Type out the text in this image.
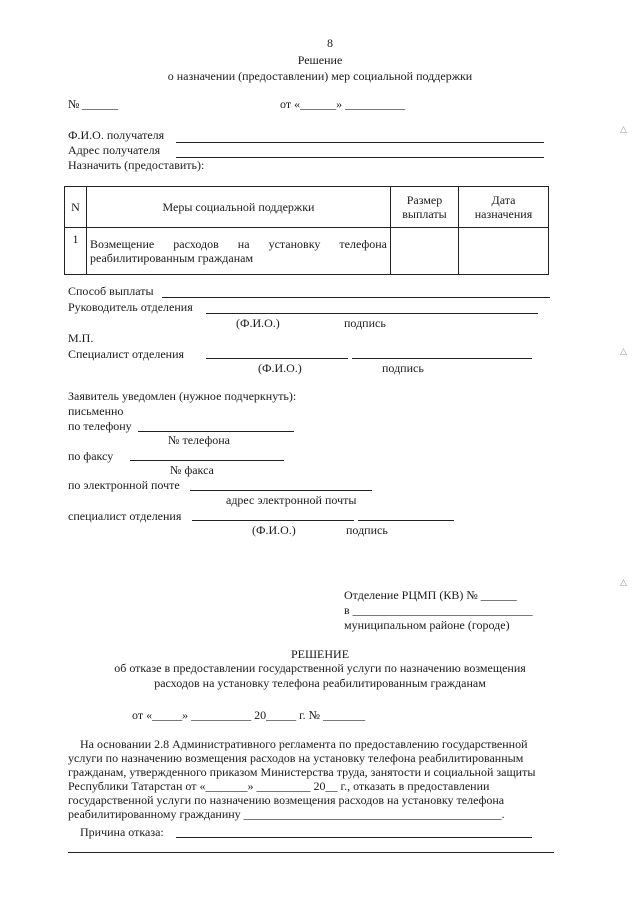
8
Решение
о назначении (предоставлении) мер социальной поддержки
№ ______	от «______» __________
Ф.И.О. получателя
Адрес получателя
Назначить (предоставить):
N	Меры социальной поддержки	Размер выплаты	Дата назначения
1	Возмещение расходов на установку телефона реабилитированным гражданам		
Способ выплаты
Руководитель отделения
(Ф.И.О.)	подпись
М.П.
Специалист отделения
(Ф.И.О.)	подпись
Заявитель уведомлен (нужное подчеркнуть):
письменно
по телефону
№ телефона
по факсу
№ факса
по электронной почте
адрес электронной почты
специалист отделения
(Ф.И.О.)	подпись
Отделение РЦМП (КВ) № ______
в ______________________________
муниципальном районе (городе)
РЕШЕНИЕ
об отказе в предоставлении государственной услуги по назначению возмещения
расходов на установку телефона реабилитированным гражданам
от «_____» __________ 20_____ г. № _______
На основании 2.8 Административного регламента по предоставлению государственной
услуги по назначению возмещения расходов на установку телефона реабилитированным
гражданам, утвержденного приказом Министерства труда, занятости и социальной защиты
Республики Татарстан от «_______» _________ 20__ г., отказать в предоставлении
государственной услуги по назначению возмещения расходов на установку телефона
реабилитированному гражданину ___________________________________________.
Причина отказа:
△
△
△
